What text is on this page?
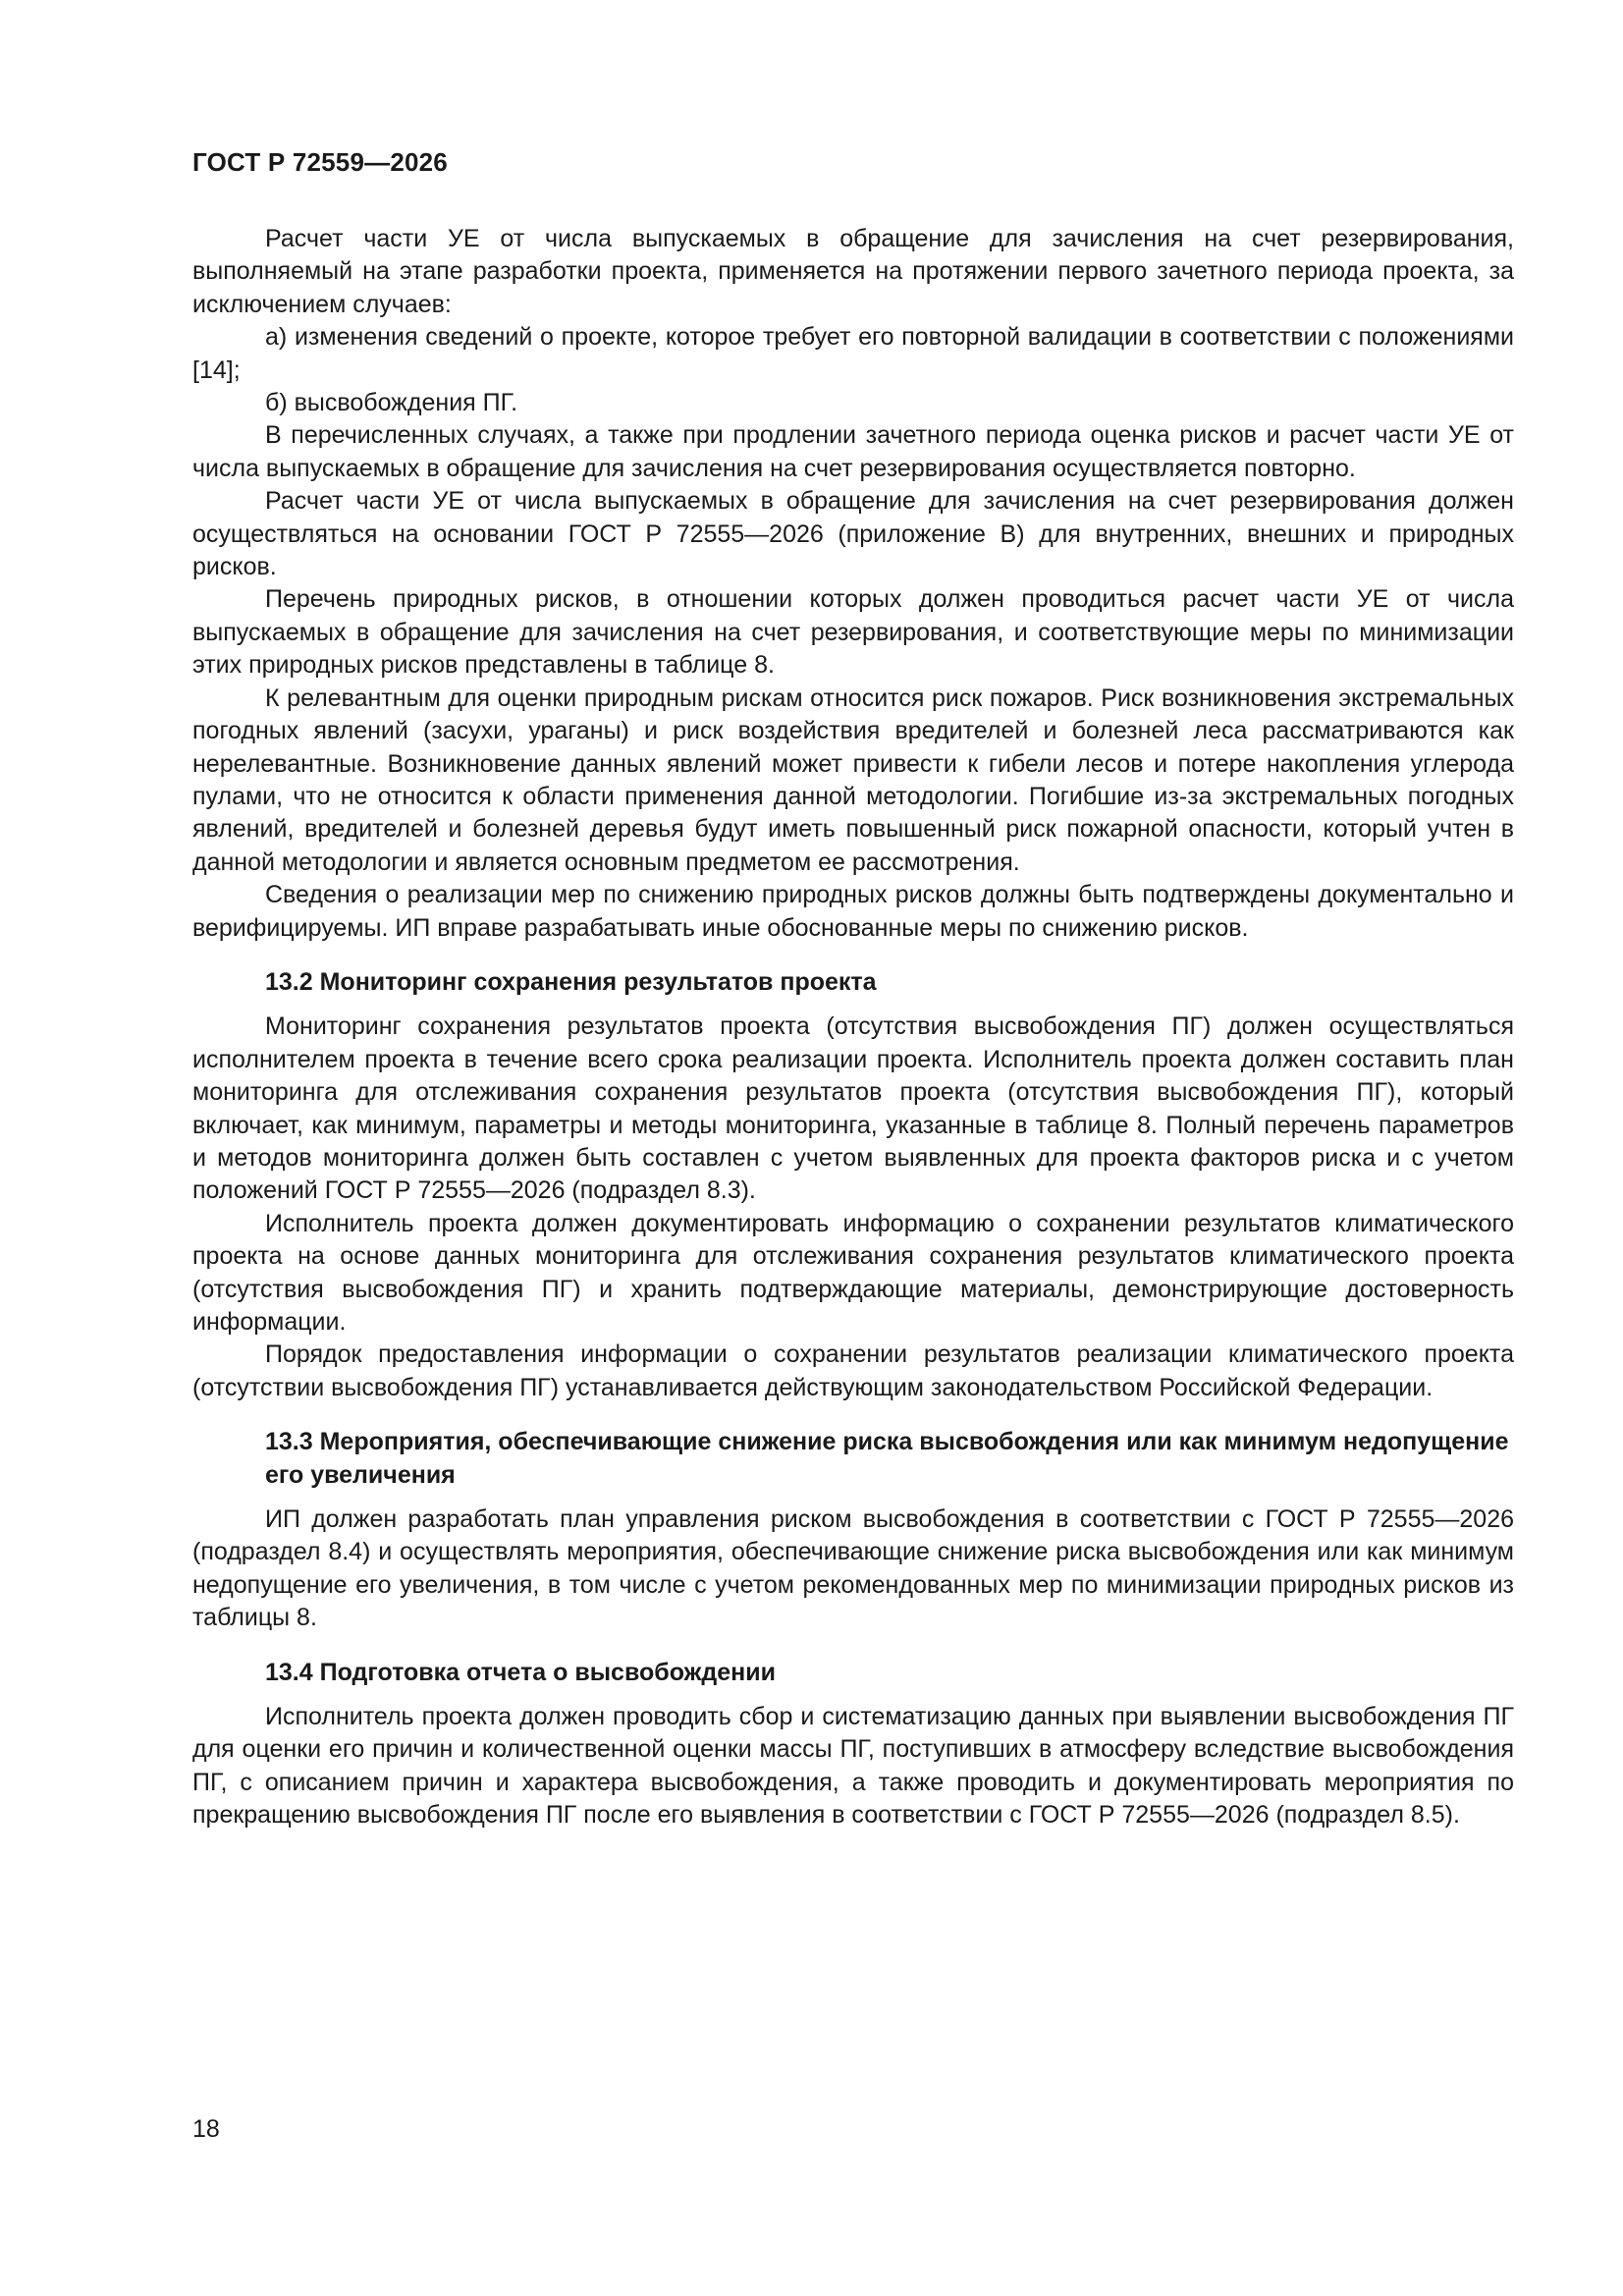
ГОСТ Р 72559—2026

Расчет части УЕ от числа выпускаемых в обращение для зачисления на счет резервирования, выполняемый на этапе разработки проекта, применяется на протяжении первого зачетного периода проекта, за исключением случаев:

а) изменения сведений о проекте, которое требует его повторной валидации в соответствии с положениями [14];

б) высвобождения ПГ.

В перечисленных случаях, а также при продлении зачетного периода оценка рисков и расчет части УЕ от числа выпускаемых в обращение для зачисления на счет резервирования осуществляется повторно.

Расчет части УЕ от числа выпускаемых в обращение для зачисления на счет резервирования должен осуществляться на основании ГОСТ Р 72555—2026 (приложение В) для внутренних, внешних и природных рисков.

Перечень природных рисков, в отношении которых должен проводиться расчет части УЕ от числа выпускаемых в обращение для зачисления на счет резервирования, и соответствующие меры по минимизации этих природных рисков представлены в таблице 8.

К релевантным для оценки природным рискам относится риск пожаров. Риск возникновения экстремальных погодных явлений (засухи, ураганы) и риск воздействия вредителей и болезней леса рассматриваются как нерелевантные. Возникновение данных явлений может привести к гибели лесов и потере накопления углерода пулами, что не относится к области применения данной методологии. Погибшие из-за экстремальных погодных явлений, вредителей и болезней деревья будут иметь повышенный риск пожарной опасности, который учтен в данной методологии и является основным предметом ее рассмотрения.

Сведения о реализации мер по снижению природных рисков должны быть подтверждены документально и верифицируемы. ИП вправе разрабатывать иные обоснованные меры по снижению рисков.

13.2 Мониторинг сохранения результатов проекта

Мониторинг сохранения результатов проекта (отсутствия высвобождения ПГ) должен осуществляться исполнителем проекта в течение всего срока реализации проекта. Исполнитель проекта должен составить план мониторинга для отслеживания сохранения результатов проекта (отсутствия высвобождения ПГ), который включает, как минимум, параметры и методы мониторинга, указанные в таблице 8. Полный перечень параметров и методов мониторинга должен быть составлен с учетом выявленных для проекта факторов риска и с учетом положений ГОСТ Р 72555—2026 (подраздел 8.3).

Исполнитель проекта должен документировать информацию о сохранении результатов климатического проекта на основе данных мониторинга для отслеживания сохранения результатов климатического проекта (отсутствия высвобождения ПГ) и хранить подтверждающие материалы, демонстрирующие достоверность информации.

Порядок предоставления информации о сохранении результатов реализации климатического проекта (отсутствии высвобождения ПГ) устанавливается действующим законодательством Российской Федерации.

13.3 Мероприятия, обеспечивающие снижение риска высвобождения или как минимум недопущение его увеличения

ИП должен разработать план управления риском высвобождения в соответствии с ГОСТ Р 72555—2026 (подраздел 8.4) и осуществлять мероприятия, обеспечивающие снижение риска высвобождения или как минимум недопущение его увеличения, в том числе с учетом рекомендованных мер по минимизации природных рисков из таблицы 8.

13.4 Подготовка отчета о высвобождении

Исполнитель проекта должен проводить сбор и систематизацию данных при выявлении высвобождения ПГ для оценки его причин и количественной оценки массы ПГ, поступивших в атмосферу вследствие высвобождения ПГ, с описанием причин и характера высвобождения, а также проводить и документировать мероприятия по прекращению высвобождения ПГ после его выявления в соответствии с ГОСТ Р 72555—2026 (подраздел 8.5).

18
